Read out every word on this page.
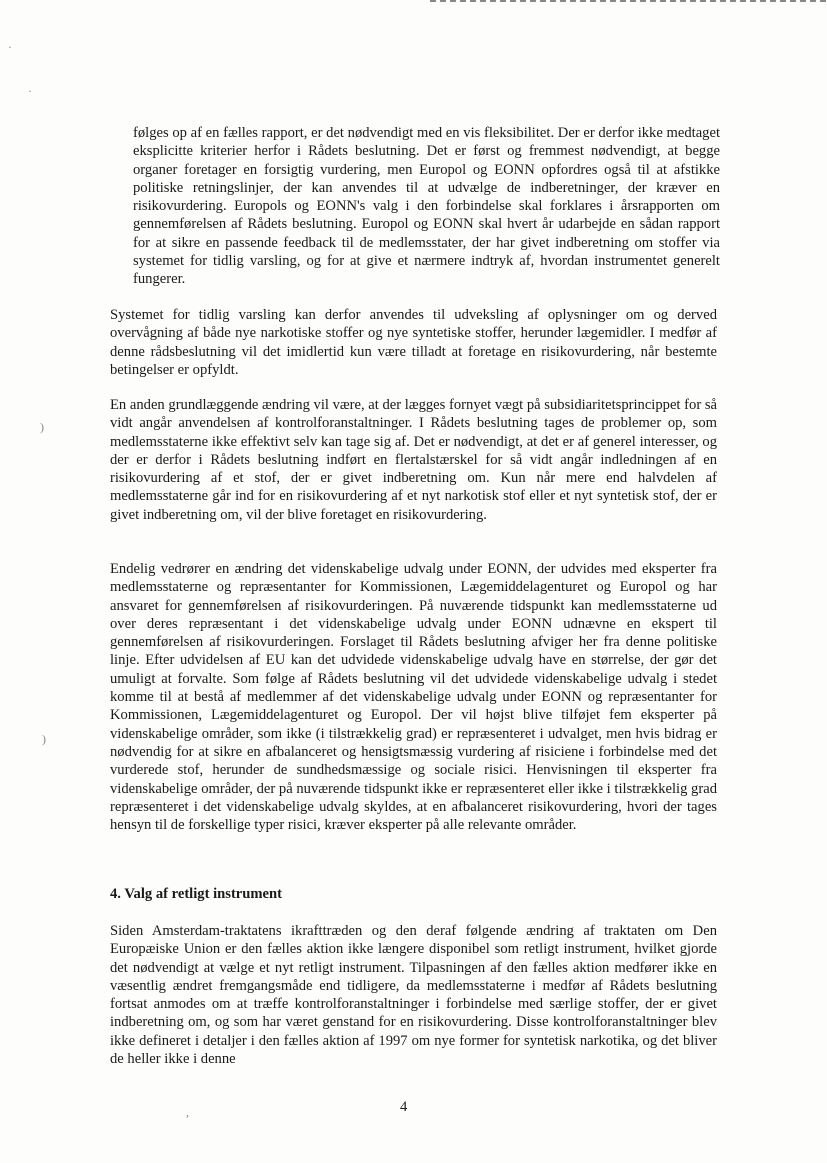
·
·
)
)
,

følges op af en fælles rapport, er det nødvendigt med en vis fleksibilitet. Der er derfor ikke medtaget eksplicitte kriterier herfor i Rådets beslutning. Det er først og fremmest nødvendigt, at begge organer foretager en forsigtig vurdering, men Europol og EONN opfordres også til at afstikke politiske retningslinjer, der kan anvendes til at udvælge de indberetninger, der kræver en risikovurdering. Europols og EONN's valg i den forbindelse skal forklares i årsrapporten om gennemførelsen af Rådets beslutning. Europol og EONN skal hvert år udarbejde en sådan rapport for at sikre en passende feedback til de medlemsstater, der har givet indberetning om stoffer via systemet for tidlig varsling, og for at give et nærmere indtryk af, hvordan instrumentet generelt fungerer.

Systemet for tidlig varsling kan derfor anvendes til udveksling af oplysninger om og derved overvågning af både nye narkotiske stoffer og nye syntetiske stoffer, herunder lægemidler. I medfør af denne rådsbeslutning vil det imidlertid kun være tilladt at foretage en risikovurdering, når bestemte betingelser er opfyldt.

En anden grundlæggende ændring vil være, at der lægges fornyet vægt på subsidiaritetsprincippet for så vidt angår anvendelsen af kontrolforanstaltninger. I Rådets beslutning tages de problemer op, som medlemsstaterne ikke effektivt selv kan tage sig af. Det er nødvendigt, at det er af generel interesser, og der er derfor i Rådets beslutning indført en flertalstærskel for så vidt angår indledningen af en risikovurdering af et stof, der er givet indberetning om. Kun når mere end halvdelen af medlemsstaterne går ind for en risikovurdering af et nyt narkotisk stof eller et nyt syntetisk stof, der er givet indberetning om, vil der blive foretaget en risikovurdering.

Endelig vedrører en ændring det videnskabelige udvalg under EONN, der udvides med eksperter fra medlemsstaterne og repræsentanter for Kommissionen, Lægemiddelagenturet og Europol og har ansvaret for gennemførelsen af risikovurderingen. På nuværende tidspunkt kan medlemsstaterne ud over deres repræsentant i det videnskabelige udvalg under EONN udnævne en ekspert til gennemførelsen af risikovurderingen. Forslaget til Rådets beslutning afviger her fra denne politiske linje. Efter udvidelsen af EU kan det udvidede videnskabelige udvalg have en størrelse, der gør det umuligt at forvalte. Som følge af Rådets beslutning vil det udvidede videnskabelige udvalg i stedet komme til at bestå af medlemmer af det videnskabelige udvalg under EONN og repræsentanter for Kommissionen, Lægemiddelagenturet og Europol. Der vil højst blive tilføjet fem eksperter på videnskabelige områder, som ikke (i tilstrækkelig grad) er repræsenteret i udvalget, men hvis bidrag er nødvendig for at sikre en afbalanceret og hensigtsmæssig vurdering af risiciene i forbindelse med det vurderede stof, herunder de sundhedsmæssige og sociale risici. Henvisningen til eksperter fra videnskabelige områder, der på nuværende tidspunkt ikke er repræsenteret eller ikke i tilstrækkelig grad repræsenteret i det videnskabelige udvalg skyldes, at en afbalanceret risikovurdering, hvori der tages hensyn til de forskellige typer risici, kræver eksperter på alle relevante områder.

4. Valg af retligt instrument

Siden Amsterdam-traktatens ikrafttræden og den deraf følgende ændring af traktaten om Den Europæiske Union er den fælles aktion ikke længere disponibel som retligt instrument, hvilket gjorde det nødvendigt at vælge et nyt retligt instrument. Tilpasningen af den fælles aktion medfører ikke en væsentlig ændret fremgangsmåde end tidligere, da medlemsstaterne i medfør af Rådets beslutning fortsat anmodes om at træffe kontrolforanstaltninger i forbindelse med særlige stoffer, der er givet indberetning om, og som har været genstand for en risikovurdering. Disse kontrolforanstaltninger blev ikke defineret i detaljer i den fælles aktion af 1997 om nye former for syntetisk narkotika, og det bliver de heller ikke i denne

4
